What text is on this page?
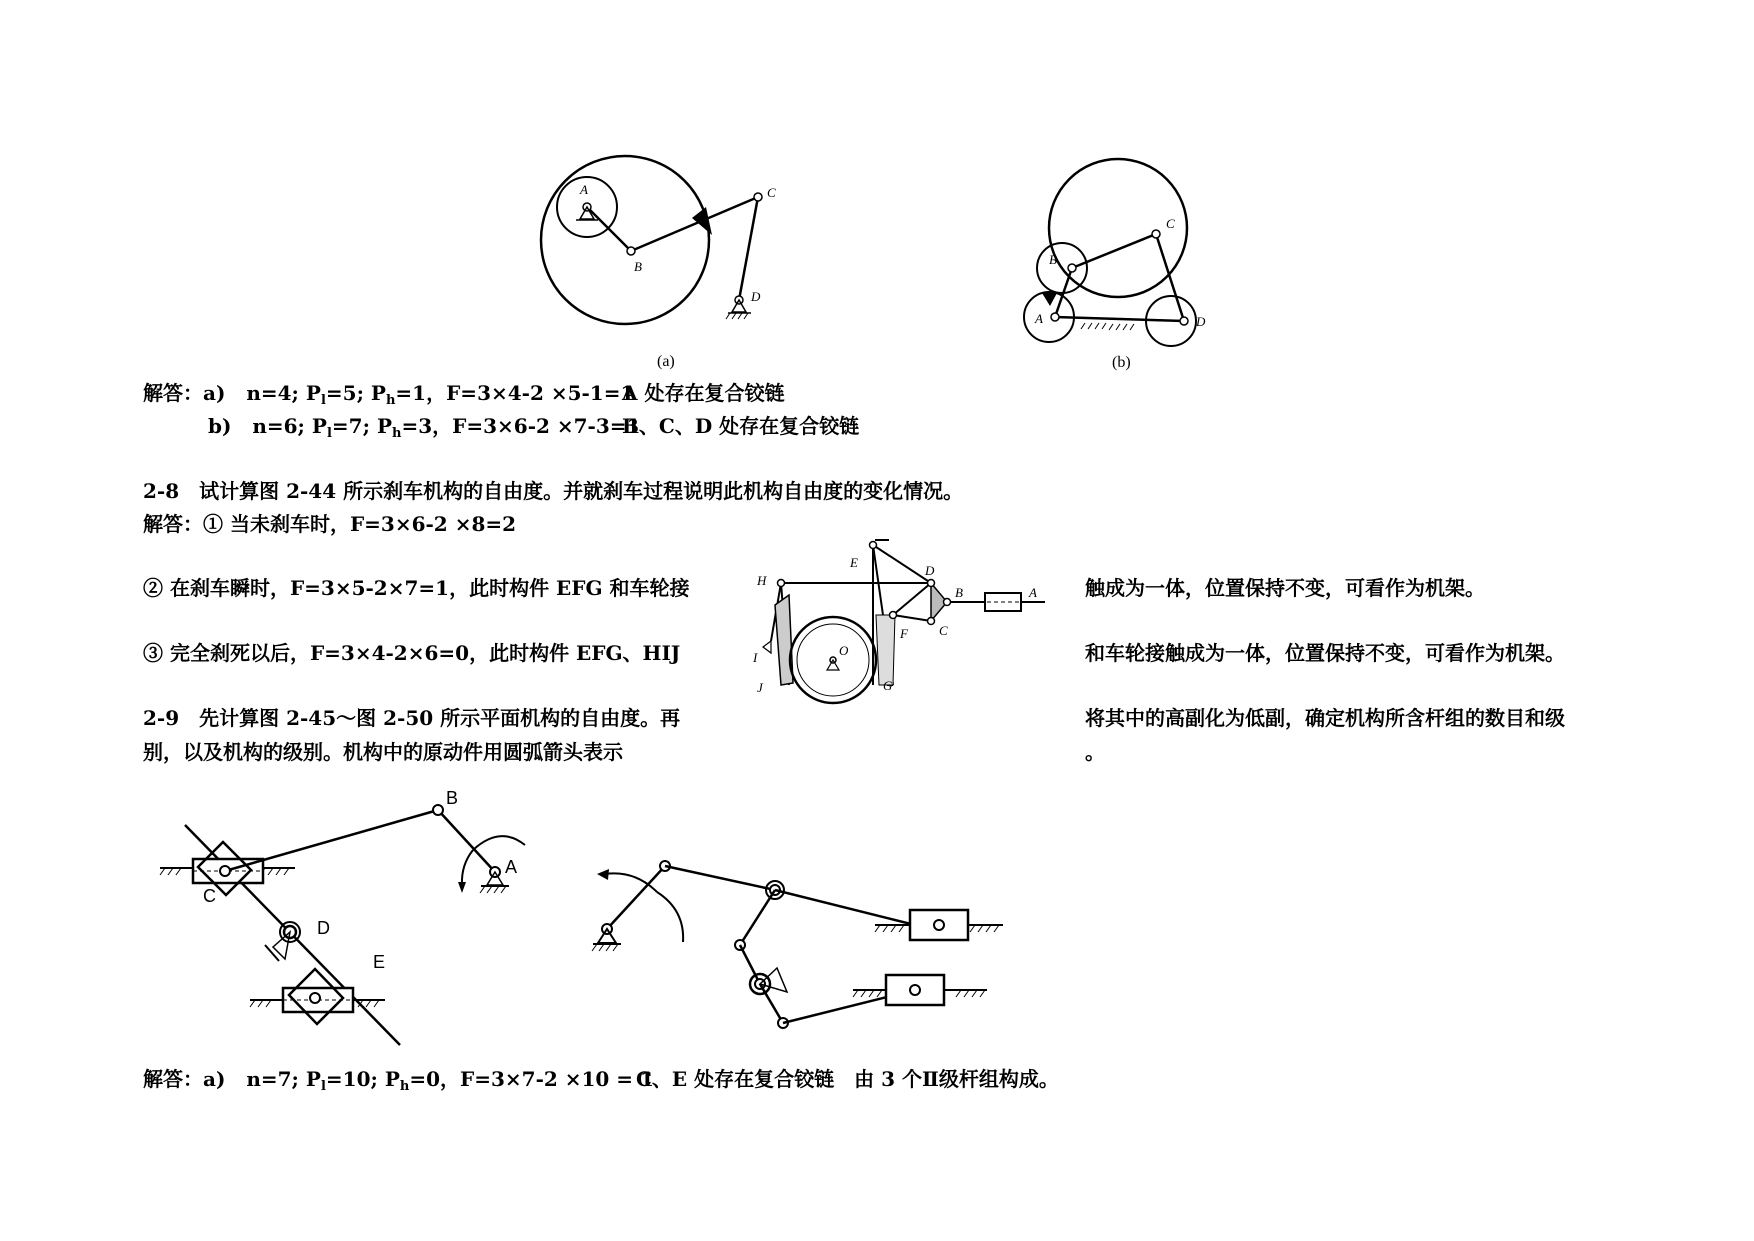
A
B
C
D
(a)
A
B
C
D
(b)
解答：a) n=4; $P_l=5$; $P_h=1$，F=3×4-2 ×5-1=1
A 处存在复合铰链
b) n=6; $P_l=7$; $P_h=3$，F=3×6-2 ×7-3=1
B、C、D 处存在复合铰链
2-8　试计算图 2-44 所示刹车机构的自由度。并就刹车过程说明此机构自由度的变化情况。
解答：① 当未刹车时，F=3×6-2 ×8=2
② 在刹车瞬时，F=3×5-2×7=1，此时构件 EFG 和车轮接	触成为一体，位置保持不变，可看作为机架。
③ 完全刹死以后，F=3×4-2×6=0，此时构件 EFG、HIJ	和车轮接触成为一体，位置保持不变，可看作为机架。
E
D
B	A
H
I
J
O
F C
G
2-9　先计算图 2-45～图 2-50 所示平面机构的自由度。再	将其中的高副化为低副，确定机构所含杆组的数目和级
别，以及机构的级别。机构中的原动件用圆弧箭头表示	。
B
A
C
D
E
解答：a) n=7; $P_l=10$; $P_h=0$，F=3×7-2 ×10 = 1
C、E 处存在复合铰链　由 3 个Ⅱ级杆组构成。
